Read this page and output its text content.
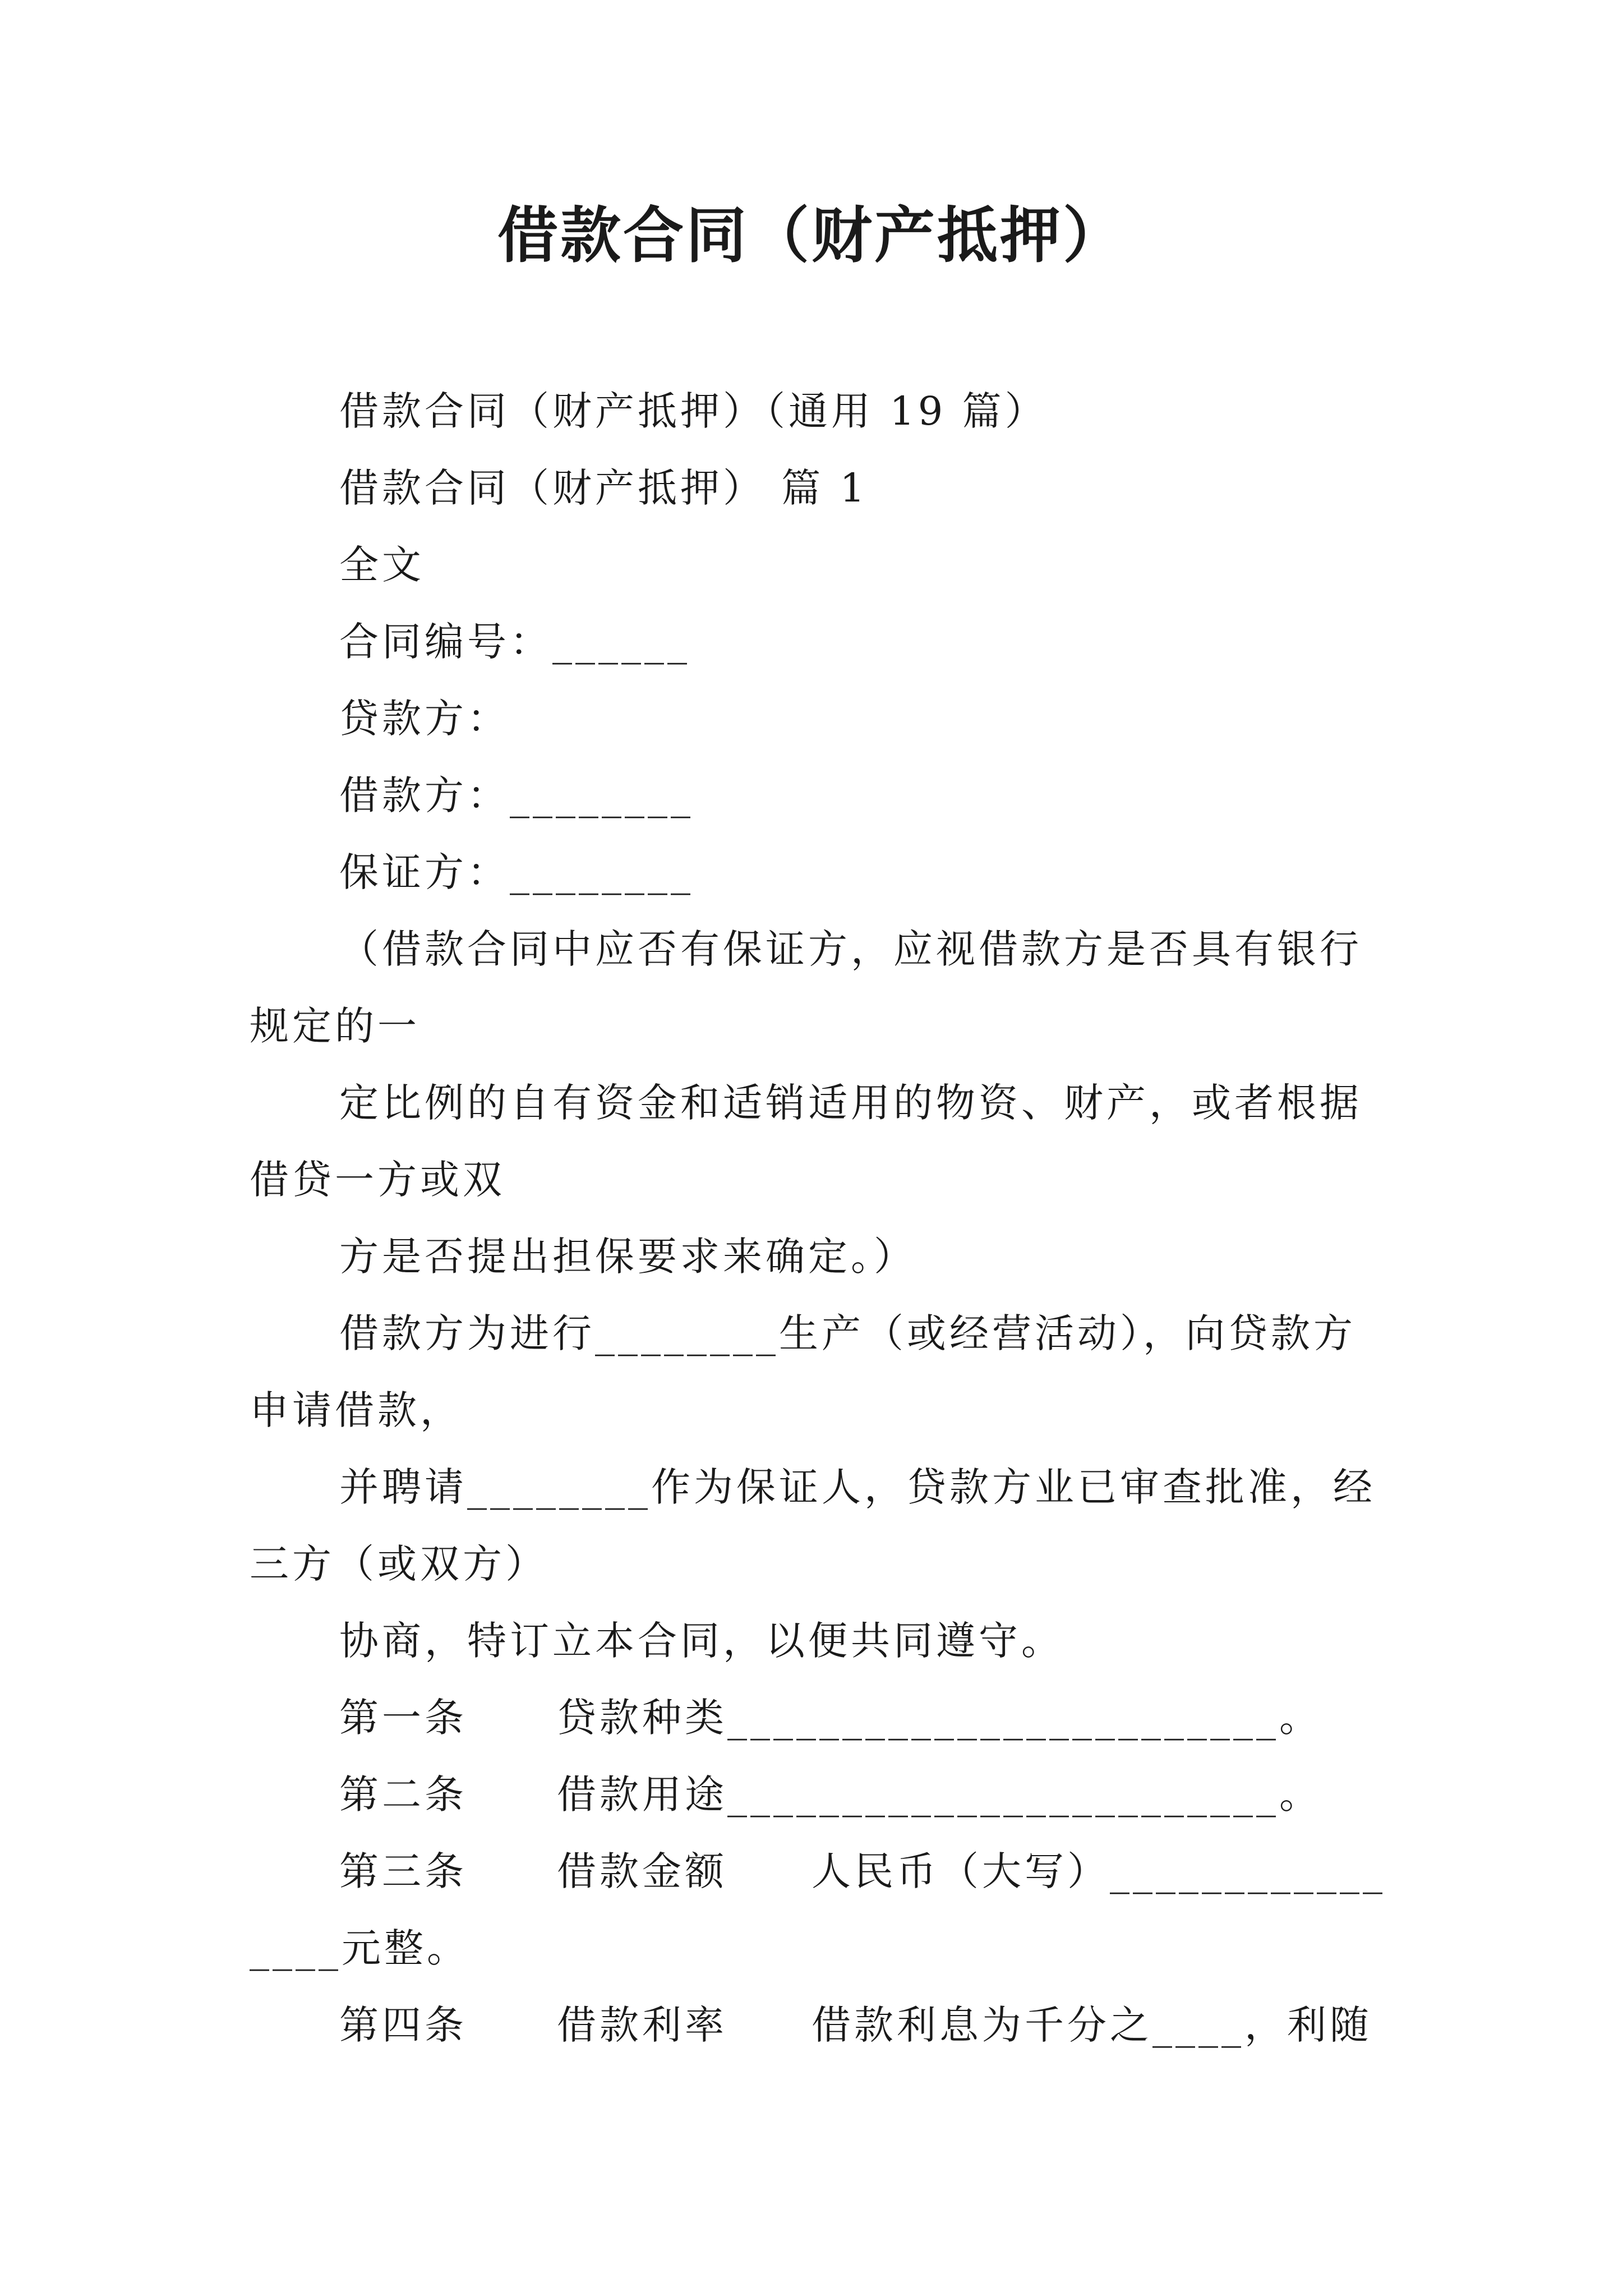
借款合同（财产抵押）
借款合同（财产抵押）（通用 19 篇）
借款合同（财产抵押） 篇 1
全文
合同编号：______
贷款方：
借款方：________
保证方：________
（借款合同中应否有保证方，应视借款方是否具有银行
规定的一
定比例的自有资金和适销适用的物资、财产，或者根据
借贷一方或双
方是否提出担保要求来确定。）
借款方为进行________生产（或经营活动），向贷款方
申请借款，
并聘请________作为保证人，贷款方业已审查批准，经
三方（或双方）
协商，特订立本合同，以便共同遵守。
第一条 贷款种类________________________。
第二条 借款用途________________________。
第三条 借款金额 人民币（大写）____________
____元整。
第四条 借款利率 借款利息为千分之____，利随
